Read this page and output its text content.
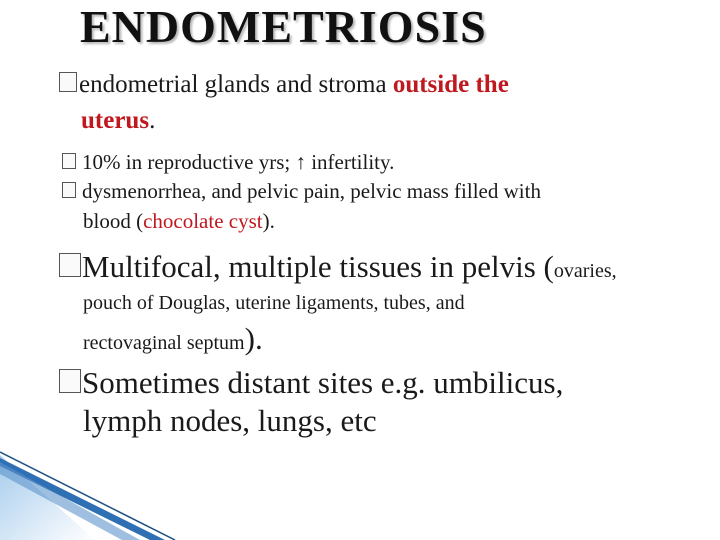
ENDOMETRIOSIS
endometrial glands and stroma outside the
uterus.
10% in reproductive yrs; ↑ infertility.
dysmenorrhea, and pelvic pain, pelvic mass filled with
blood (chocolate cyst).
Multifocal, multiple tissues in pelvis (ovaries,
pouch of Douglas, uterine ligaments, tubes, and
rectovaginal septum).
Sometimes distant sites e.g. umbilicus,
lymph nodes, lungs, etc
